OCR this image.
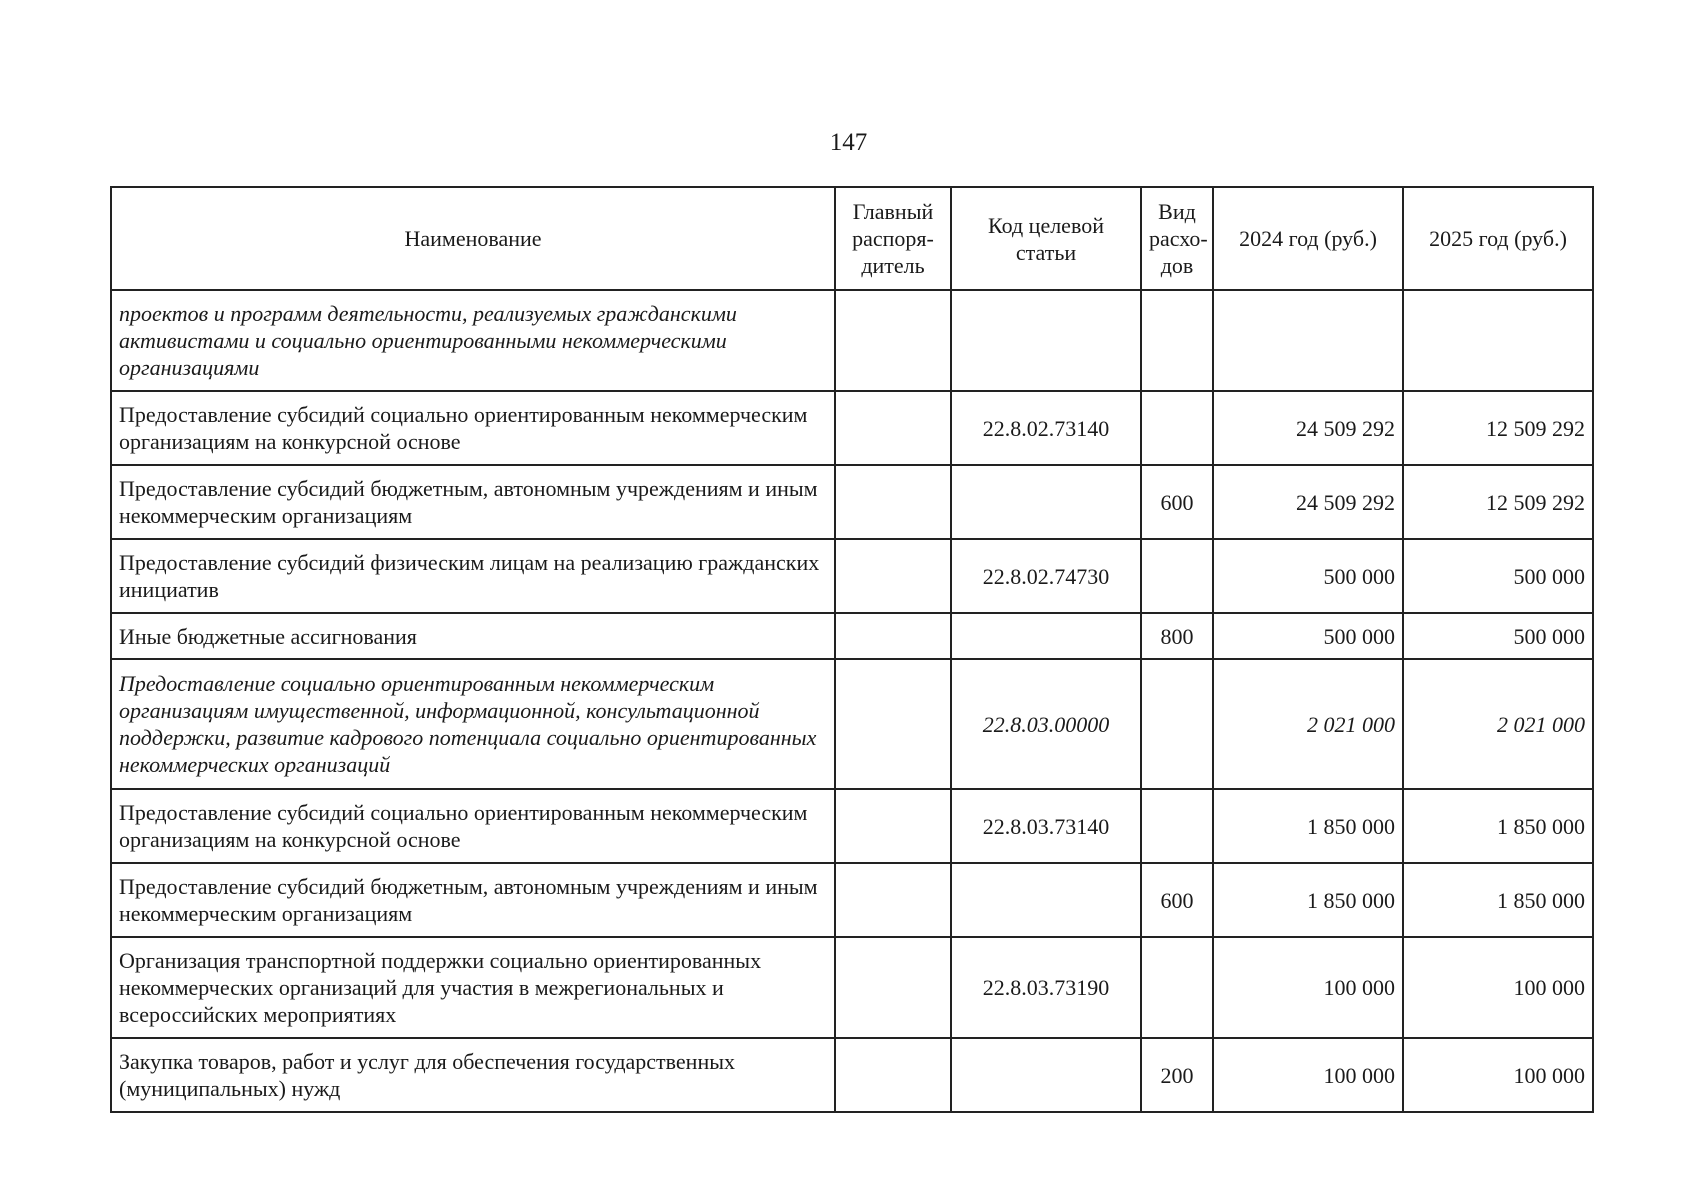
147
Наименование	Главный распоря-дитель	Код целевой статьи	Вид расхо-дов	2024 год (руб.)	2025 год (руб.)
проектов и программ деятельности, реализуемых гражданскими активистами и социально ориентированными некоммерческими организациями					
Предоставление субсидий социально ориентированным некоммерческим организациям на конкурсной основе		22.8.02.73140		24 509 292	12 509 292
Предоставление субсидий бюджетным, автономным учреждениям и иным некоммерческим организациям			600	24 509 292	12 509 292
Предоставление субсидий физическим лицам на реализацию гражданских инициатив		22.8.02.74730		500 000	500 000
Иные бюджетные ассигнования			800	500 000	500 000
Предоставление социально ориентированным некоммерческим организациям имущественной, информационной, консультационной поддержки, развитие кадрового потенциала социально ориентированных некоммерческих организаций		22.8.03.00000		2 021 000	2 021 000
Предоставление субсидий социально ориентированным некоммерческим организациям на конкурсной основе		22.8.03.73140		1 850 000	1 850 000
Предоставление субсидий бюджетным, автономным учреждениям и иным некоммерческим организациям			600	1 850 000	1 850 000
Организация транспортной поддержки социально ориентированных некоммерческих организаций для участия в межрегиональных и всероссийских мероприятиях		22.8.03.73190		100 000	100 000
Закупка товаров, работ и услуг для обеспечения государственных (муниципальных) нужд			200	100 000	100 000
